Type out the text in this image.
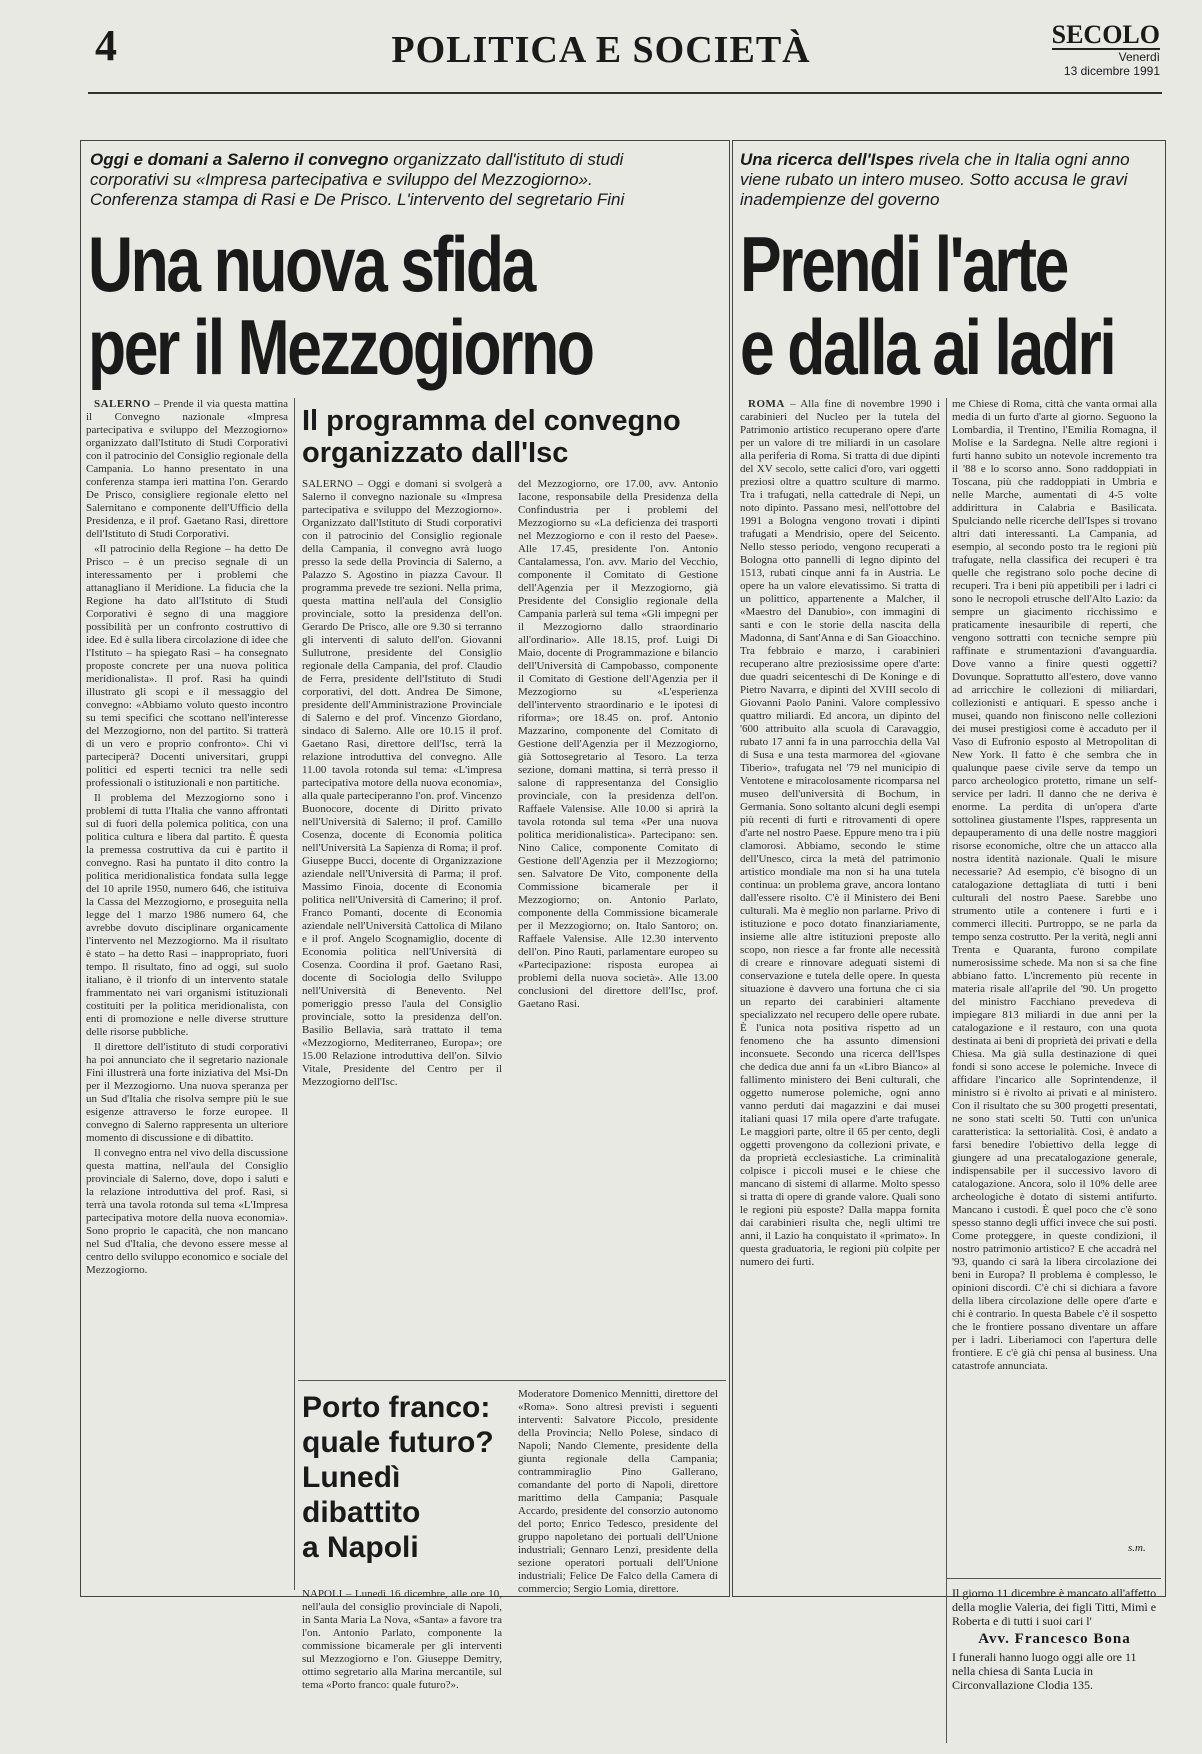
4	POLITICA E SOCIETÀ	SECOLO
Venerdì
13 dicembre 1991
Oggi e domani a Salerno il convegno organizzato dall'istituto di studi corporativi su «Impresa partecipativa e sviluppo del Mezzogiorno». Conferenza stampa di Rasi e De Prisco. L'intervento del segretario Fini
Una nuova sfida
per il Mezzogiorno

SALERNO – Prende il via questa mattina il Convegno nazionale «Impresa partecipativa e sviluppo del Mezzogiorno» organizzato dall'Istituto di Studi Corporativi con il patrocinio del Consiglio regionale della Campania. Lo hanno presentato in una conferenza stampa ieri mattina l'on. Gerardo De Prisco, consigliere regionale eletto nel Salernitano e componente dell'Ufficio della Presidenza, e il prof. Gaetano Rasi, direttore dell'Istituto di Studi Corporativi.

«Il patrocinio della Regione – ha detto De Prisco – è un preciso segnale di un interessamento per i problemi che attanagliano il Meridione. La fiducia che la Regione ha dato all'Istituto di Studi Corporativi è segno di una maggiore possibilità per un confronto costruttivo di idee. Ed è sulla libera circolazione di idee che l'Istituto – ha spiegato Rasi – ha consegnato proposte concrete per una nuova politica meridionalista». Il prof. Rasi ha quindi illustrato gli scopi e il messaggio del convegno: «Abbiamo voluto questo incontro su temi specifici che scottano nell'interesse del Mezzogiorno, non del partito. Si tratterà di un vero e proprio confronto». Chi vi parteciperà? Docenti universitari, gruppi politici ed esperti tecnici tra nelle sedi professionali o istituzionali e non partitiche.

Il problema del Mezzogiorno sono i problemi di tutta l'Italia che vanno affrontati sul di fuori della polemica politica, con una politica cultura e libera dal partito. È questa la premessa costruttiva da cui è partito il convegno. Rasi ha puntato il dito contro la politica meridionalistica fondata sulla legge del 10 aprile 1950, numero 646, che istituiva la Cassa del Mezzogiorno, e proseguita nella legge del 1 marzo 1986 numero 64, che avrebbe dovuto disciplinare organicamente l'intervento nel Mezzogiorno. Ma il risultato è stato – ha detto Rasi – inappropriato, fuori tempo. Il risultato, fino ad oggi, sul suolo italiano, è il trionfo di un intervento statale frammentato nei vari organismi istituzionali costituiti per la politica meridionalista, con enti di promozione e nelle diverse strutture delle risorse pubbliche.

Il direttore dell'istituto di studi corporativi ha poi annunciato che il segretario nazionale Fini illustrerà una forte iniziativa del Msi-Dn per il Mezzogiorno. Una nuova speranza per un Sud d'Italia che risolva sempre più le sue esigenze attraverso le forze europee. Il convegno di Salerno rappresenta un ulteriore momento di discussione e di dibattito.

Il convegno entra nel vivo della discussione questa mattina, nell'aula del Consiglio provinciale di Salerno, dove, dopo i saluti e la relazione introduttiva del prof. Rasi, si terrà una tavola rotonda sul tema «L'Impresa partecipativa motore della nuova economia». Sono proprio le capacità, che non mancano nel Sud d'Italia, che devono essere messe al centro dello sviluppo economico e sociale del Mezzogiorno.

Il programma del convegno organizzato dall'Isc
SALERNO – Oggi e domani si svolgerà a Salerno il convegno nazionale su «Impresa partecipativa e sviluppo del Mezzogiorno». Organizzato dall'Istituto di Studi corporativi con il patrocinio del Consiglio regionale della Campania, il convegno avrà luogo presso la sede della Provincia di Salerno, a Palazzo S. Agostino in piazza Cavour. Il programma prevede tre sezioni. Nella prima, questa mattina nell'aula del Consiglio provinciale, sotto la presidenza dell'on. Gerardo De Prisco, alle ore 9.30 si terranno gli interventi di saluto dell'on. Giovanni Sullutrone, presidente del Consiglio regionale della Campania, del prof. Claudio de Ferra, presidente dell'Istituto di Studi corporativi, del dott. Andrea De Simone, presidente dell'Amministrazione Provinciale di Salerno e del prof. Vincenzo Giordano, sindaco di Salerno. Alle ore 10.15 il prof. Gaetano Rasi, direttore dell'Isc, terrà la relazione introduttiva del convegno. Alle 11.00 tavola rotonda sul tema: «L'impresa partecipativa motore della nuova economia», alla quale parteciperanno l'on. prof. Vincenzo Buonocore, docente di Diritto privato nell'Università di Salerno; il prof. Camillo Cosenza, docente di Economia politica nell'Università La Sapienza di Roma; il prof. Giuseppe Bucci, docente di Organizzazione aziendale nell'Università di Parma; il prof. Massimo Finoia, docente di Economia politica nell'Università di Camerino; il prof. Franco Pomanti, docente di Economia aziendale nell'Università Cattolica di Milano e il prof. Angelo Scognamiglio, docente di Economia politica nell'Università di Cosenza. Coordina il prof. Gaetano Rasi, docente di Sociologia dello Sviluppo nell'Università di Benevento. Nel pomeriggio presso l'aula del Consiglio provinciale, sotto la presidenza dell'on. Basilio Bellavia, sarà trattato il tema «Mezzogiorno, Mediterraneo, Europa»; ore 15.00 Relazione introduttiva dell'on. Silvio Vitale, Presidente del Centro per il Mezzogiorno dell'Isc.
del Mezzogiorno, ore 17.00, avv. Antonio Iacone, responsabile della Presidenza della Confindustria per i problemi del Mezzogiorno su «La deficienza dei trasporti nel Mezzogiorno e con il resto del Paese». Alle 17.45, presidente l'on. Antonio Cantalamessa, l'on. avv. Mario del Vecchio, componente il Comitato di Gestione dell'Agenzia per il Mezzogiorno, già Presidente del Consiglio regionale della Campania parlerà sul tema «Gli impegni per il Mezzogiorno dallo straordinario all'ordinario». Alle 18.15, prof. Luigi Di Maio, docente di Programmazione e bilancio dell'Università di Campobasso, componente il Comitato di Gestione dell'Agenzia per il Mezzogiorno su «L'esperienza dell'intervento straordinario e le ipotesi di riforma»; ore 18.45 on. prof. Antonio Mazzarino, componente del Comitato di Gestione dell'Agenzia per il Mezzogiorno, già Sottosegretario al Tesoro. La terza sezione, domani mattina, si terrà presso il salone di rappresentanza del Consiglio provinciale, con la presidenza dell'on. Raffaele Valensise. Alle 10.00 si aprirà la tavola rotonda sul tema «Per una nuova politica meridionalistica». Partecipano: sen. Nino Calice, componente Comitato di Gestione dell'Agenzia per il Mezzogiorno; sen. Salvatore De Vito, componente della Commissione bicamerale per il Mezzogiorno; on. Antonio Parlato, componente della Commissione bicamerale per il Mezzogiorno; on. Italo Santoro; on. Raffaele Valensise. Alle 12.30 intervento dell'on. Pino Rauti, parlamentare europeo su «Partecipazione: risposta europea ai problemi della nuova società». Alle 13.00 conclusioni del direttore dell'Isc, prof. Gaetano Rasi.
Porto franco:
quale futuro?
Lunedì
dibattito
a Napoli
NAPOLI – Lunedì 16 dicembre, alle ore 10, nell'aula del consiglio provinciale di Napoli, in Santa Maria La Nova, «Santa» a favore tra l'on. Antonio Parlato, componente la commissione bicamerale per gli interventi sul Mezzogiorno e l'on. Giuseppe Demitry, ottimo segretario alla Marina mercantile, sul tema «Porto franco: quale futuro?».
Moderatore Domenico Mennitti, direttore del «Roma». Sono altresì previsti i seguenti interventi: Salvatore Piccolo, presidente della Provincia; Nello Polese, sindaco di Napoli; Nando Clemente, presidente della giunta regionale della Campania; contrammiraglio Pino Gallerano, comandante del porto di Napoli, direttore marittimo della Campania; Pasquale Accardo, presidente del consorzio autonomo del porto; Enrico Tedesco, presidente del gruppo napoletano dei portuali dell'Unione industriali; Gennaro Lenzi, presidente della sezione operatori portuali dell'Unione industriali; Felice De Falco della Camera di commercio; Sergio Lomia, direttore.
Una ricerca dell'Ispes rivela che in Italia ogni anno viene rubato un intero museo. Sotto accusa le gravi inadempienze del governo
Prendi l'arte
e dalla ai ladri

ROMA – Alla fine di novembre 1990 i carabinieri del Nucleo per la tutela del Patrimonio artistico recuperano opere d'arte per un valore di tre miliardi in un casolare alla periferia di Roma. Si tratta di due dipinti del XV secolo, sette calici d'oro, vari oggetti preziosi oltre a quattro sculture di marmo. Tra i trafugati, nella cattedrale di Nepi, un noto dipinto. Passano mesi, nell'ottobre del 1991 a Bologna vengono trovati i dipinti trafugati a Mendrisio, opere del Seicento. Nello stesso periodo, vengono recuperati a Bologna otto pannelli di legno dipinto del 1513, rubati cinque anni fa in Austria. Le opere ha un valore elevatissimo. Si tratta di un polittico, appartenente a Malcher, il «Maestro del Danubio», con immagini di santi e con le storie della nascita della Madonna, di Sant'Anna e di San Gioacchino. Tra febbraio e marzo, i carabinieri recuperano altre preziosissime opere d'arte: due quadri seicenteschi di De Koninge e di Pietro Navarra, e dipinti del XVIII secolo di Giovanni Paolo Panini. Valore complessivo quattro miliardi. Ed ancora, un dipinto del '600 attribuito alla scuola di Caravaggio, rubato 17 anni fa in una parrocchia della Val di Susa e una testa marmorea del «giovane Tiberio», trafugata nel '79 nel municipio di Ventotene e miracolosamente ricomparsa nel museo dell'università di Bochum, in Germania. Sono soltanto alcuni degli esempi più recenti di furti e ritrovamenti di opere d'arte nel nostro Paese. Eppure meno tra i più clamorosi. Abbiamo, secondo le stime dell'Unesco, circa la metà del patrimonio artistico mondiale ma non si ha una tutela continua: un problema grave, ancora lontano dall'essere risolto. C'è il Ministero dei Beni culturali. Ma è meglio non parlarne. Privo di istituzione e poco dotato finanziariamente, insieme alle altre istituzioni preposte allo scopo, non riesce a far fronte alle necessità di creare e rinnovare adeguati sistemi di conservazione e tutela delle opere. In questa situazione è davvero una fortuna che ci sia un reparto dei carabinieri altamente specializzato nel recupero delle opere rubate. È l'unica nota positiva rispetto ad un fenomeno che ha assunto dimensioni inconsuete. Secondo una ricerca dell'Ispes che dedica due anni fa un «Libro Bianco» al fallimento ministero dei Beni culturali, che oggetto numerose polemiche, ogni anno vanno perduti dai magazzini e dai musei italiani quasi 17 mila opere d'arte trafugate. Le maggiori parte, oltre il 65 per cento, degli oggetti provengono da collezioni private, e da proprietà ecclesiastiche. La criminalità colpisce i piccoli musei e le chiese che mancano di sistemi di allarme. Molto spesso si tratta di opere di grande valore. Quali sono le regioni più esposte? Dalla mappa fornita dai carabinieri risulta che, negli ultimi tre anni, il Lazio ha conquistato il «primato». In questa graduatoria, le regioni più colpite per numero dei furti.

me Chiese di Roma, città che vanta ormai alla media di un furto d'arte al giorno. Seguono la Lombardia, il Trentino, l'Emilia Romagna, il Molise e la Sardegna. Nelle altre regioni i furti hanno subito un notevole incremento tra il '88 e lo scorso anno. Sono raddoppiati in Toscana, più che raddoppiati in Umbria e nelle Marche, aumentati di 4-5 volte addirittura in Calabria e Basilicata. Spulciando nelle ricerche dell'Ispes si trovano altri dati interessanti. La Campania, ad esempio, al secondo posto tra le regioni più trafugate, nella classifica dei recuperi è tra quelle che registrano solo poche decine di recuperi. Tra i beni più appetibili per i ladri ci sono le necropoli etrusche dell'Alto Lazio: da sempre un giacimento ricchissimo e praticamente inesauribile di reperti, che vengono sottratti con tecniche sempre più raffinate e strumentazioni d'avanguardia. Dove vanno a finire questi oggetti? Dovunque. Soprattutto all'estero, dove vanno ad arricchire le collezioni di miliardari, collezionisti e antiquari. E spesso anche i musei, quando non finiscono nelle collezioni dei musei prestigiosi come è accaduto per il Vaso di Eufronio esposto al Metropolitan di New York. Il fatto è che sembra che in qualunque paese civile serve da tempo un parco archeologico protetto, rimane un self-service per ladri. Il danno che ne deriva è enorme. La perdita di un'opera d'arte sottolinea giustamente l'Ispes, rappresenta un depauperamento di una delle nostre maggiori risorse economiche, oltre che un attacco alla nostra identità nazionale. Quali le misure necessarie? Ad esempio, c'è bisogno di un catalogazione dettagliata di tutti i beni culturali del nostro Paese. Sarebbe uno strumento utile a contenere i furti e i commerci illeciti. Purtroppo, se ne parla da tempo senza costrutto. Per la verità, negli anni Trenta e Quaranta, furono compilate numerosissime schede. Ma non si sa che fine abbiano fatto. L'incremento più recente in materia risale all'aprile del '90. Un progetto del ministro Facchiano prevedeva di impiegare 813 miliardi in due anni per la catalogazione e il restauro, con una quota destinata ai beni di proprietà dei privati e della Chiesa. Ma già sulla destinazione di quei fondi si sono accese le polemiche. Invece di affidare l'incarico alle Soprintendenze, il ministro si è rivolto ai privati e al ministero. Con il risultato che su 300 progetti presentati, ne sono stati scelti 50. Tutti con un'unica caratteristica: la settorialità. Così, è andato a farsi benedire l'obiettivo della legge di giungere ad una precatalogazione generale, indispensabile per il successivo lavoro di catalogazione. Ancora, solo il 10% delle aree archeologiche è dotato di sistemi antifurto. Mancano i custodi. È quel poco che c'è sono spesso stanno degli uffici invece che sui posti. Come proteggere, in queste condizioni, il nostro patrimonio artistico? E che accadrà nel '93, quando ci sarà la libera circolazione dei beni in Europa? Il problema è complesso, le opinioni discordi. C'è chi si dichiara a favore della libera circolazione delle opere d'arte e chi è contrario. In questa Babele c'è il sospetto che le frontiere possano diventare un affare per i ladri. Liberiamoci con l'apertura delle frontiere. E c'è già chi pensa al business. Una catastrofe annunciata.
s.m.
Il giorno 11 dicembre è mancato all'affetto della moglie Valeria, dei figli Titti, Mimì e Roberta e di tutti i suoi cari l'
Avv. Francesco Bona
I funerali hanno luogo oggi alle ore 11 nella chiesa di Santa Lucia in Circonvallazione Clodia 135.
